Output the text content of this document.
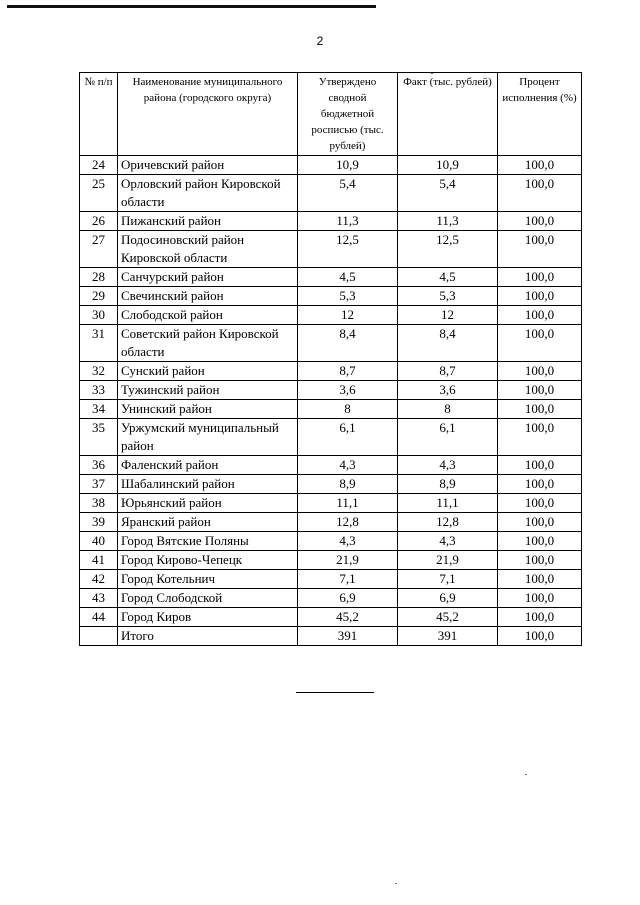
2
№ п/п	Наименование муниципального района (городского округа)	Утверждено сводной бюджетной росписью (тыс. рублей)	Факт (тыс. рублей)	Процент исполнения (%)
24	Оричевский район	10,9	10,9	100,0
25	Орловский район Кировской области	5,4	5,4	100,0
26	Пижанский район	11,3	11,3	100,0
27	Подосиновский район Кировской области	12,5	12,5	100,0
28	Санчурский район	4,5	4,5	100,0
29	Свечинский район	5,3	5,3	100,0
30	Слободской район	12	12	100,0
31	Советский район Кировской области	8,4	8,4	100,0
32	Сунский район	8,7	8,7	100,0
33	Тужинский район	3,6	3,6	100,0
34	Унинский район	8	8	100,0
35	Уржумский муниципальный район	6,1	6,1	100,0
36	Фаленский район	4,3	4,3	100,0
37	Шабалинский район	8,9	8,9	100,0
38	Юрьянский район	11,1	11,1	100,0
39	Яранский район	12,8	12,8	100,0
40	Город Вятские Поляны	4,3	4,3	100,0
41	Город Кирово-Чепецк	21,9	21,9	100,0
42	Город Котельнич	7,1	7,1	100,0
43	Город Слободской	6,9	6,9	100,0
44	Город Киров	45,2	45,2	100,0
	Итого	391	391	100,0
